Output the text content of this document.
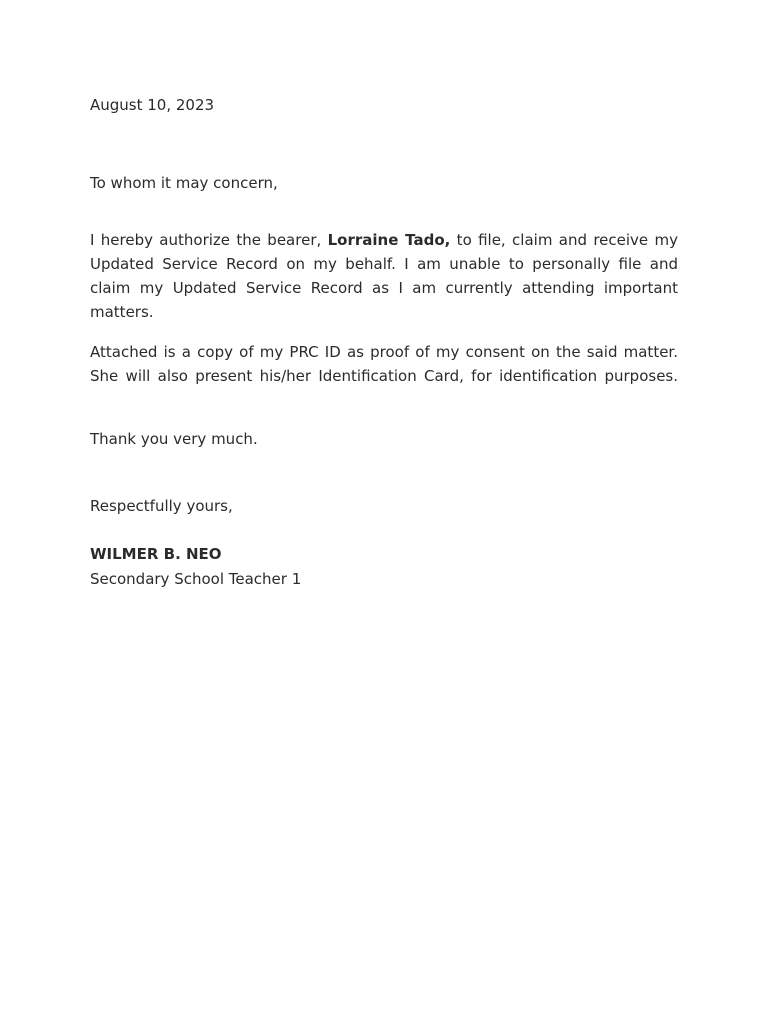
August 10, 2023

To whom it may concern,

I hereby authorize the bearer, Lorraine Tado, to file, claim and receive my Updated Service Record on my behalf. I am unable to personally file and claim my Updated Service Record as I am currently attending important matters.

Attached is a copy of my PRC ID as proof of my consent on the said matter. She will also present his/her Identification Card, for identification purposes.

Thank you very much.

Respectfully yours,

WILMER B. NEO

Secondary School Teacher 1
